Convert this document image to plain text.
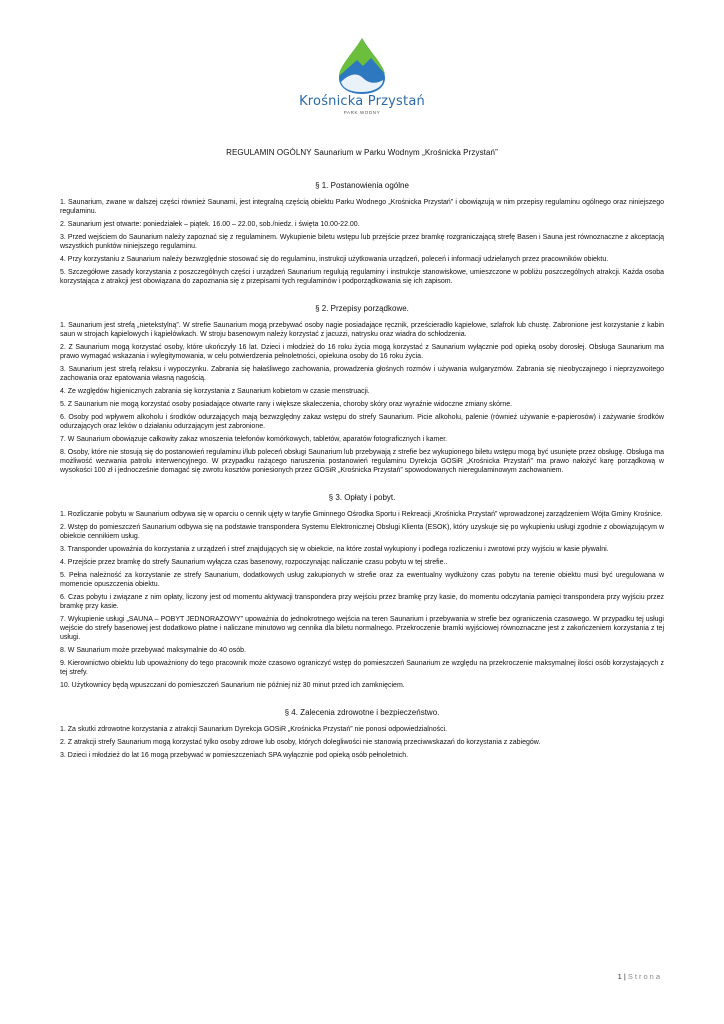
Krośnicka Przystań
PARK WODNY
REGULAMIN OGÓLNY Saunarium w Parku Wodnym „Krośnicka Przystań”
§ 1. Postanowienia ogólne

1. Saunarium, zwane w dalszej części również Saunami, jest integralną częścią obiektu Parku Wodnego „Krośnicka Przystań” i obowiązują w nim przepisy regulaminu ogólnego oraz niniejszego regulaminu.

2. Saunarium jest otwarte: poniedziałek – piątek. 16.00 – 22.00, sob./niedz. i święta 10.00-22.00.

3. Przed wejściem do Saunarium należy zapoznać się z regulaminem. Wykupienie biletu wstępu lub przejście przez bramkę rozgraniczającą strefę Basen i Sauna jest równoznaczne z akceptacją wszystkich punktów niniejszego regulaminu.

4. Przy korzystaniu z Saunarium należy bezwzględnie stosować się do regulaminu, instrukcji użytkowania urządzeń, poleceń i informacji udzielanych przez pracowników obiektu.

5. Szczegółowe zasady korzystania z poszczególnych części i urządzeń Saunarium regulują regulaminy i instrukcje stanowiskowe, umieszczone w pobliżu poszczególnych atrakcji. Każda osoba korzystająca z atrakcji jest obowiązana do zapoznania się z przepisami tych regulaminów i podporządkowania się ich zapisom.

§ 2. Przepisy porządkowe.

1. Saunarium jest strefą „nietekstylną”. W strefie Saunarium mogą przebywać osoby nagie posiadające ręcznik, prześcieradło kąpielowe, szlafrok lub chustę. Zabronione jest korzystanie z kabin saun w strojach kąpielowych i kąpielówkach. W stroju basenowym należy korzystać z jacuzzi, natrysku oraz wiadra do schłodzenia.

2. Z Saunarium mogą korzystać osoby, które ukończyły 16 lat. Dzieci i młodzież do 16 roku życia mogą korzystać z Saunarium wyłącznie pod opieką osoby dorosłej. Obsługa Saunarium ma prawo wymagać wskazania i wylegitymowania, w celu potwierdzenia pełnoletności, opiekuna osoby do 16 roku życia.

3. Saunarium jest strefą relaksu i wypoczynku. Zabrania się hałaśliwego zachowania, prowadzenia głośnych rozmów i używania wulgaryzmów. Zabrania się nieobyczajnego i nieprzyzwoitego zachowania oraz epatowania własną nagością.

4. Ze względów higienicznych zabrania się korzystania z Saunarium kobietom w czasie menstruacji.

5. Z Saunarium nie mogą korzystać osoby posiadające otwarte rany i większe skaleczenia, choroby skóry oraz wyraźnie widoczne zmiany skórne.

6. Osoby pod wpływem alkoholu i środków odurzających mają bezwzględny zakaz wstępu do strefy Saunarium. Picie alkoholu, palenie (również używanie e-papierosów) i zażywanie środków odurzających oraz leków o działaniu odurzającym jest zabronione.

7. W Saunarium obowiązuje całkowity zakaz wnoszenia telefonów komórkowych, tabletów, aparatów fotograficznych i kamer.

8. Osoby, które nie stosują się do postanowień regulaminu i/lub poleceń obsługi Saunarium lub przebywają z strefie bez wykupionego biletu wstępu mogą być usunięte przez obsługę. Obsługa ma możliwość wezwania patrolu interwencyjnego. W przypadku rażącego naruszenia postanowień regulaminu Dyrekcja GOSiR „Krośnicka Przystań” ma prawo nałożyć karę porządkową w wysokości 100 zł i jednocześnie domagać się zwrotu kosztów poniesionych przez GOSiR „Krośnicka Przystań” spowodowanych nieregulaminowym zachowaniem.

§ 3. Opłaty i pobyt.

1. Rozliczanie pobytu w Saunarium odbywa się w oparciu o cennik ujęty w taryfie Gminnego Ośrodka Sportu i Rekreacji „Krośnicka Przystań” wprowadzonej zarządzeniem Wójta Gminy Krośnice.

2. Wstęp do pomieszczeń Saunarium odbywa się na podstawie transpondera Systemu Elektronicznej Obsługi Klienta (ESOK), który uzyskuje się po wykupieniu usługi zgodnie z obowiązującym w obiekcie cennikiem usług.

3. Transponder upoważnia do korzystania z urządzeń i stref znajdujących się w obiekcie, na które został wykupiony i podlega rozliczeniu i zwrotowi przy wyjściu w kasie pływalni.

4. Przejście przez bramkę do strefy Saunarium wyłącza czas basenowy, rozpoczynając naliczanie czasu pobytu w tej strefie..

5. Pełna należność za korzystanie ze strefy Saunarium, dodatkowych usług zakupionych w strefie oraz za ewentualny wydłużony czas pobytu na terenie obiektu musi być uregulowana w momencie opuszczenia obiektu.

6. Czas pobytu i związane z nim opłaty, liczony jest od momentu aktywacji transpondera przy wejściu przez bramkę przy kasie, do momentu odczytania pamięci transpondera przy wyjściu przez bramkę przy kasie.

7. Wykupienie usługi „SAUNA – POBYT JEDNORAZOWY” upoważnia do jednokrotnego wejścia na teren Saunarium i przebywania w strefie bez ograniczenia czasowego. W przypadku tej usługi wejście do strefy basenowej jest dodatkowo płatne i naliczane minutowo wg cennika dla biletu normalnego. Przekroczenie bramki wyjściowej równoznaczne jest z zakończeniem korzystania z tej usługi.

8. W Saunarium może przebywać maksymalnie do 40 osób.

9. Kierownictwo obiektu lub upoważniony do tego pracownik może czasowo ograniczyć wstęp do pomieszczeń Saunarium ze względu na przekroczenie maksymalnej ilości osób korzystających z tej strefy.

10. Użytkownicy będą wpuszczani do pomieszczeń Saunarium nie później niż 30 minut przed ich zamknięciem.

§ 4. Zalecenia zdrowotne i bezpieczeństwo.

1. Za skutki zdrowotne korzystania z atrakcji Saunarium Dyrekcja GOSiR „Krośnicka Przystań” nie ponosi odpowiedzialności.

2. Z atrakcji strefy Saunarium mogą korzystać tylko osoby zdrowe lub osoby, których dolegliwości nie stanowią przeciwwskazań do korzystania z zabiegów.

3. Dzieci i młodzież do lat 16 mogą przebywać w pomieszczeniach SPA wyłącznie pod opieką osób pełnoletnich.

1 | Strona
